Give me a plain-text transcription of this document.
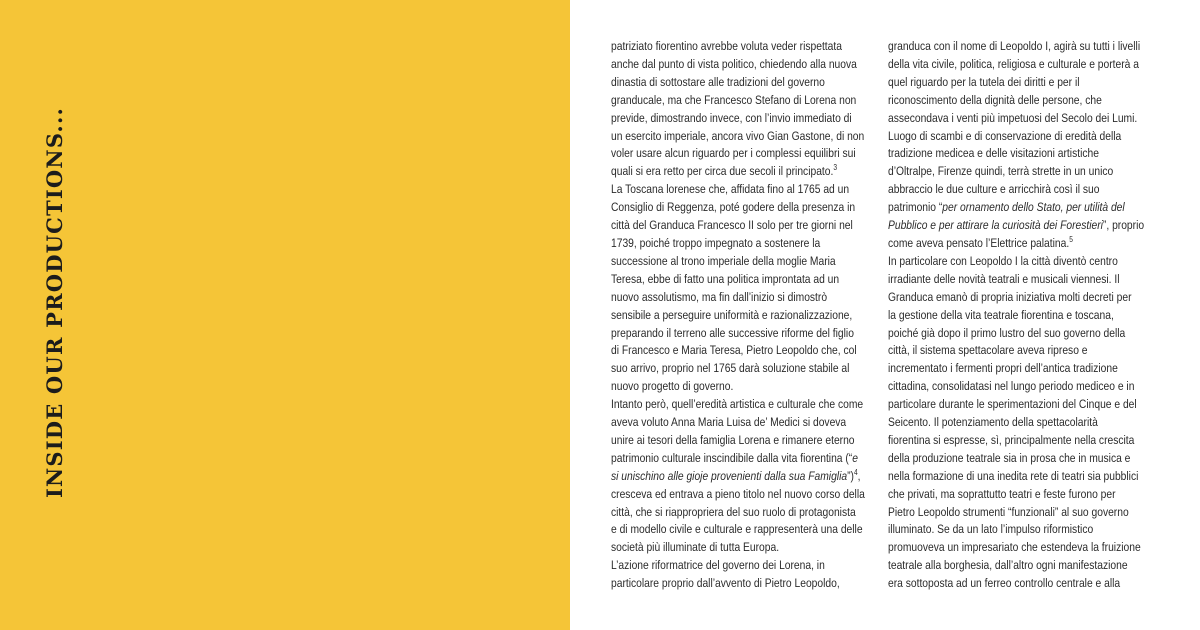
INSIDE OUR PRODUCTIONS...
patriziato fiorentino avrebbe voluta veder rispettata
anche dal punto di vista politico, chiedendo alla nuova
dinastia di sottostare alle tradizioni del governo
granducale, ma che Francesco Stefano di Lorena non
previde, dimostrando invece, con l’invio immediato di
un esercito imperiale, ancora vivo Gian Gastone, di non
voler usare alcun riguardo per i complessi equilibri sui
quali si era retto per circa due secoli il principato.$^3$
La Toscana lorenese che, affidata fino al 1765 ad un
Consiglio di Reggenza, poté godere della presenza in
città del Granduca Francesco II solo per tre giorni nel
1739, poiché troppo impegnato a sostenere la
successione al trono imperiale della moglie Maria
Teresa, ebbe di fatto una politica improntata ad un
nuovo assolutismo, ma fin dall’inizio si dimostrò
sensibile a perseguire uniformità e razionalizzazione,
preparando il terreno alle successive riforme del figlio
di Francesco e Maria Teresa, Pietro Leopoldo che, col
suo arrivo, proprio nel 1765 darà soluzione stabile al
nuovo progetto di governo.
Intanto però, quell’eredità artistica e culturale che come
aveva voluto Anna Maria Luisa de’ Medici si doveva
unire ai tesori della famiglia Lorena e rimanere eterno
patrimonio culturale inscindibile dalla vita fiorentina (“e
si unischino alle gioje provenienti dalla sua Famiglia”)$^4$,
cresceva ed entrava a pieno titolo nel nuovo corso della
città, che si riappropriera del suo ruolo di protagonista
e di modello civile e culturale e rappresenterà una delle
società più illuminate di tutta Europa.
L’azione riformatrice del governo dei Lorena, in
particolare proprio dall’avvento di Pietro Leopoldo,
granduca con il nome di Leopoldo I, agirà su tutti i livelli
della vita civile, politica, religiosa e culturale e porterà a
quel riguardo per la tutela dei diritti e per il
riconoscimento della dignità delle persone, che
assecondava i venti più impetuosi del Secolo dei Lumi.
Luogo di scambi e di conservazione di eredità della
tradizione medicea e delle visitazioni artistiche
d’Oltralpe, Firenze quindi, terrà strette in un unico
abbraccio le due culture e arricchirà così il suo
patrimonio “per ornamento dello Stato, per utilità del
Pubblico e per attirare la curiosità dei Forestieri”, proprio
come aveva pensato l’Elettrice palatina.$^5$
In particolare con Leopoldo I la città diventò centro
irradiante delle novità teatrali e musicali viennesi. Il
Granduca emanò di propria iniziativa molti decreti per
la gestione della vita teatrale fiorentina e toscana,
poiché già dopo il primo lustro del suo governo della
città, il sistema spettacolare aveva ripreso e
incrementato i fermenti propri dell’antica tradizione
cittadina, consolidatasi nel lungo periodo mediceo e in
particolare durante le sperimentazioni del Cinque e del
Seicento. Il potenziamento della spettacolarità
fiorentina si espresse, sì, principalmente nella crescita
della produzione teatrale sia in prosa che in musica e
nella formazione di una inedita rete di teatri sia pubblici
che privati, ma soprattutto teatri e feste furono per
Pietro Leopoldo strumenti “funzionali” al suo governo
illuminato. Se da un lato l’impulso riformistico
promuoveva un impresariato che estendeva la fruizione
teatrale alla borghesia, dall’altro ogni manifestazione
era sottoposta ad un ferreo controllo centrale e alla
